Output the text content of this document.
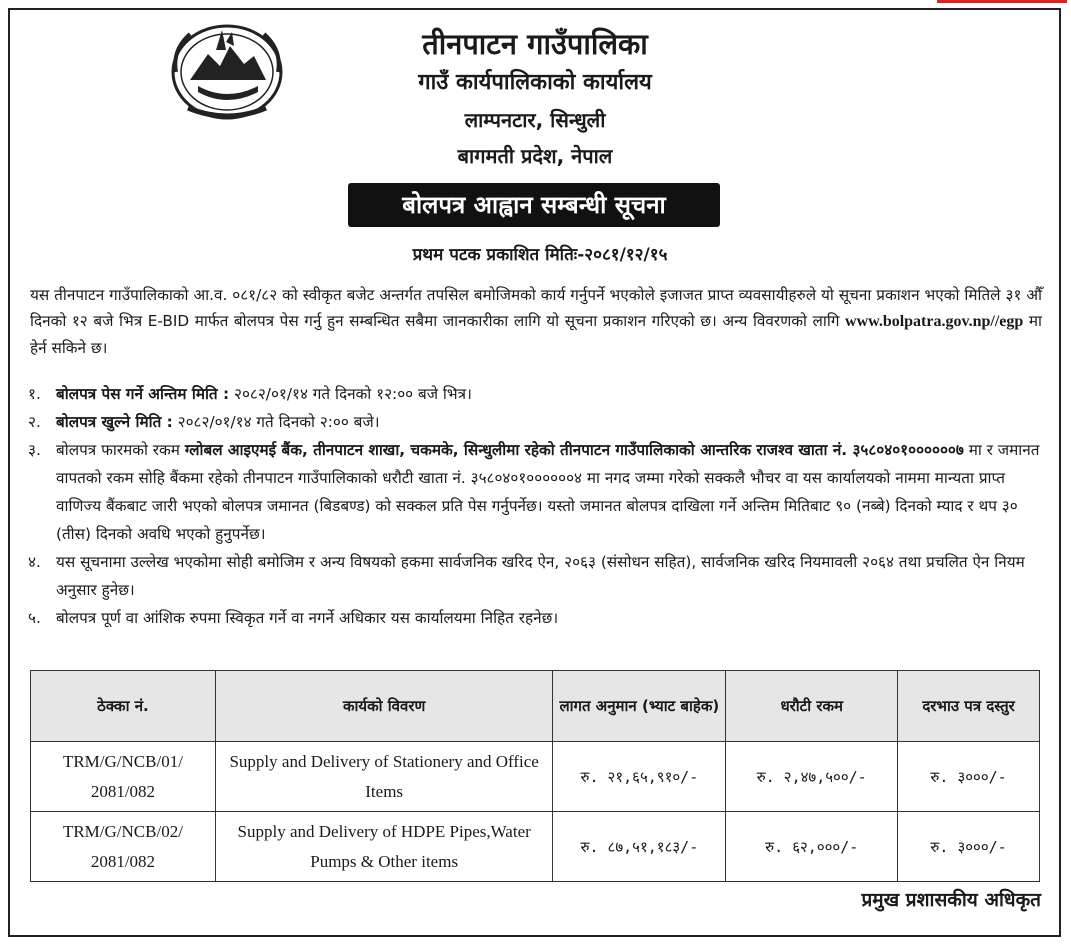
तीनपाटन गाउँपालिका
गाउँ कार्यपालिकाको कार्यालय
लाम्पनटार, सिन्धुली
बागमती प्रदेश, नेपाल
बोलपत्र आह्वान सम्बन्धी सूचना
प्रथम पटक प्रकाशित मितिः-२०८१/१२/१५
यस तीनपाटन गाउँपालिकाको आ.व. ०८१/८२ को स्वीकृत बजेट अन्तर्गत तपसिल बमोजिमको कार्य गर्नुपर्ने भएकोले इजाजत प्राप्त व्यवसायीहरुले यो सूचना प्रकाशन भएको मितिले ३१ औँ दिनको १२ बजे भित्र E-BID मार्फत बोलपत्र पेस गर्नु हुन सम्बन्धित सबैमा जानकारीका लागि यो सूचना प्रकाशन गरिएको छ। अन्य विवरणको लागि www.bolpatra.gov.np//egp मा हेर्न सकिने छ।
१. बोलपत्र पेस गर्ने अन्तिम मिति : २०८२/०१/१४ गते दिनको १२:०० बजे भित्र।
२. बोलपत्र खुल्ने मिति : २०८२/०१/१४ गते दिनको २:०० बजे।
३. बोलपत्र फारमको रकम ग्लोबल आइएमई बैंक, तीनपाटन शाखा, चकमके, सिन्धुलीमा रहेको तीनपाटन गाउँपालिकाको आन्तरिक राजश्व खाता नं. ३५८०४०१००००००७ मा र जमानत वापतको रकम सोहि बैंकमा रहेको तीनपाटन गाउँपालिकाको धरौटी खाता नं. ३५८०४०१००००००४ मा नगद जम्मा गरेको सक्कलै भौचर वा यस कार्यालयको नाममा मान्यता प्राप्त वाणिज्य बैंकबाट जारी भएको बोलपत्र जमानत (बिडबण्ड) को सक्कल प्रति पेस गर्नुपर्नेछ। यस्तो जमानत बोलपत्र दाखिला गर्ने अन्तिम मितिबाट ९० (नब्बे) दिनको म्याद र थप ३० (तीस) दिनको अवधि भएको हुनुपर्नेछ।
४. यस सूचनामा उल्लेख भएकोमा सोही बमोजिम र अन्य विषयको हकमा सार्वजनिक खरिद ऐन, २०६३ (संसोधन सहित), सार्वजनिक खरिद नियमावली २०६४ तथा प्रचलित ऐन नियम अनुसार हुनेछ।
५. बोलपत्र पूर्ण वा आंशिक रुपमा स्विकृत गर्ने वा नगर्ने अधिकार यस कार्यालयमा निहित रहनेछ।
ठेक्का नं.	कार्यको विवरण	लागत अनुमान (भ्याट बाहेक)	धरौटी रकम	दरभाउ पत्र दस्तुर
TRM/G/NCB/01/ 2081/082	Supply and Delivery of Stationery and Office Items	रु. २१,६५,९१०/-	रु. २,४७,५००/-	रु. ३०००/-
TRM/G/NCB/02/ 2081/082	Supply and Delivery of HDPE Pipes,Water Pumps & Other items	रु. ८७,५१,१८३/-	रु. ६२,०००/-	रु. ३०००/-
प्रमुख प्रशासकीय अधिकृत
